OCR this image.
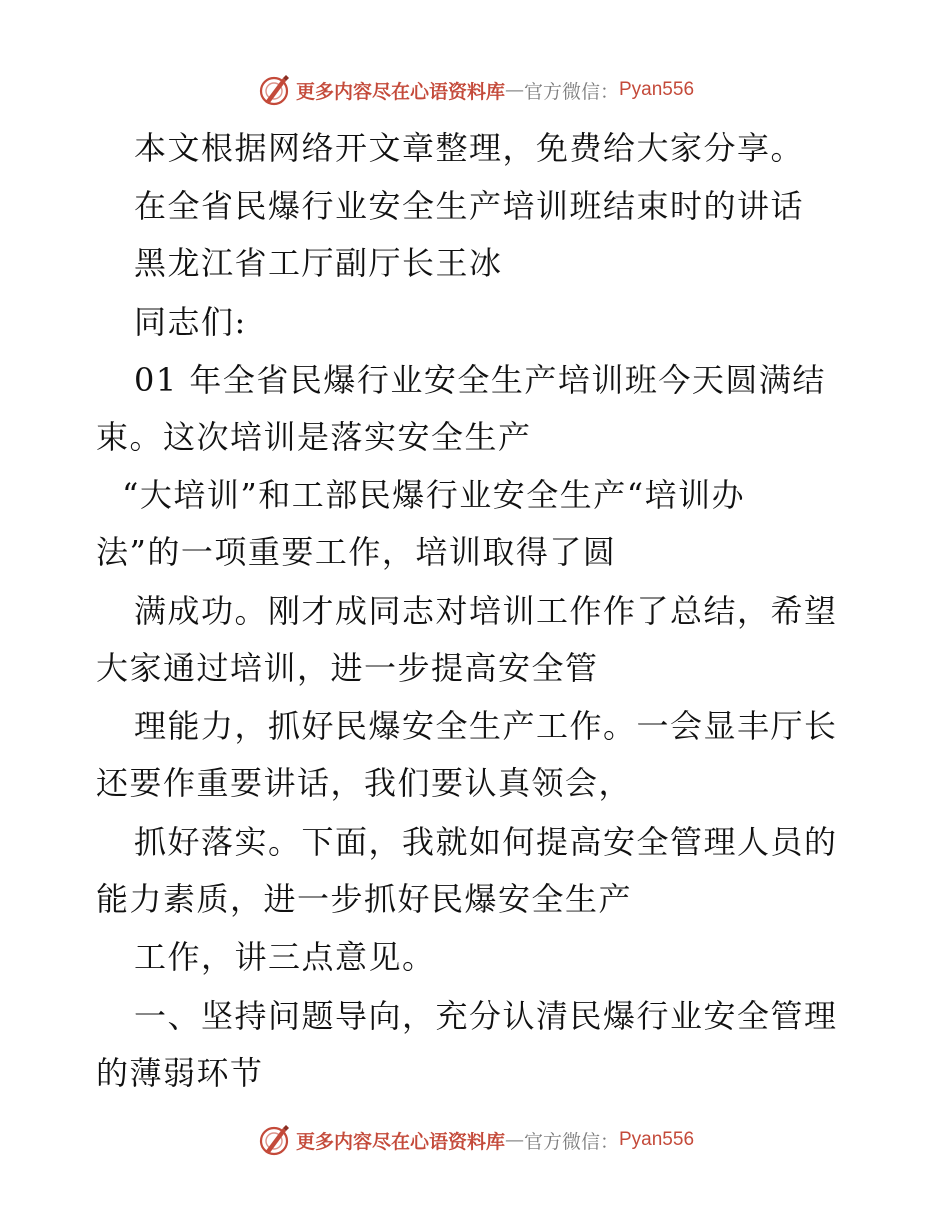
更多内容尽在心语资料库 — 官方微信： Pyan556
本文根据网络开文章整理，免费给大家分享。
在全省民爆行业安全生产培训班结束时的讲话
黑龙江省工厅副厅长王冰
同志们:
01 年全省民爆行业安全生产培训班今天圆满结
束。这次培训是落实安全生产
“大培训”和工部民爆行业安全生产“培训办
法”的一项重要工作，培训取得了圆
满成功。刚才成同志对培训工作作了总结，希望
大家通过培训，进一步提高安全管
理能力，抓好民爆安全生产工作。一会显丰厅长
还要作重要讲话，我们要认真领会，
抓好落实。下面，我就如何提高安全管理人员的
能力素质，进一步抓好民爆安全生产
工作，讲三点意见。
一、坚持问题导向，充分认清民爆行业安全管理
的薄弱环节
更多内容尽在心语资料库 — 官方微信： Pyan556
